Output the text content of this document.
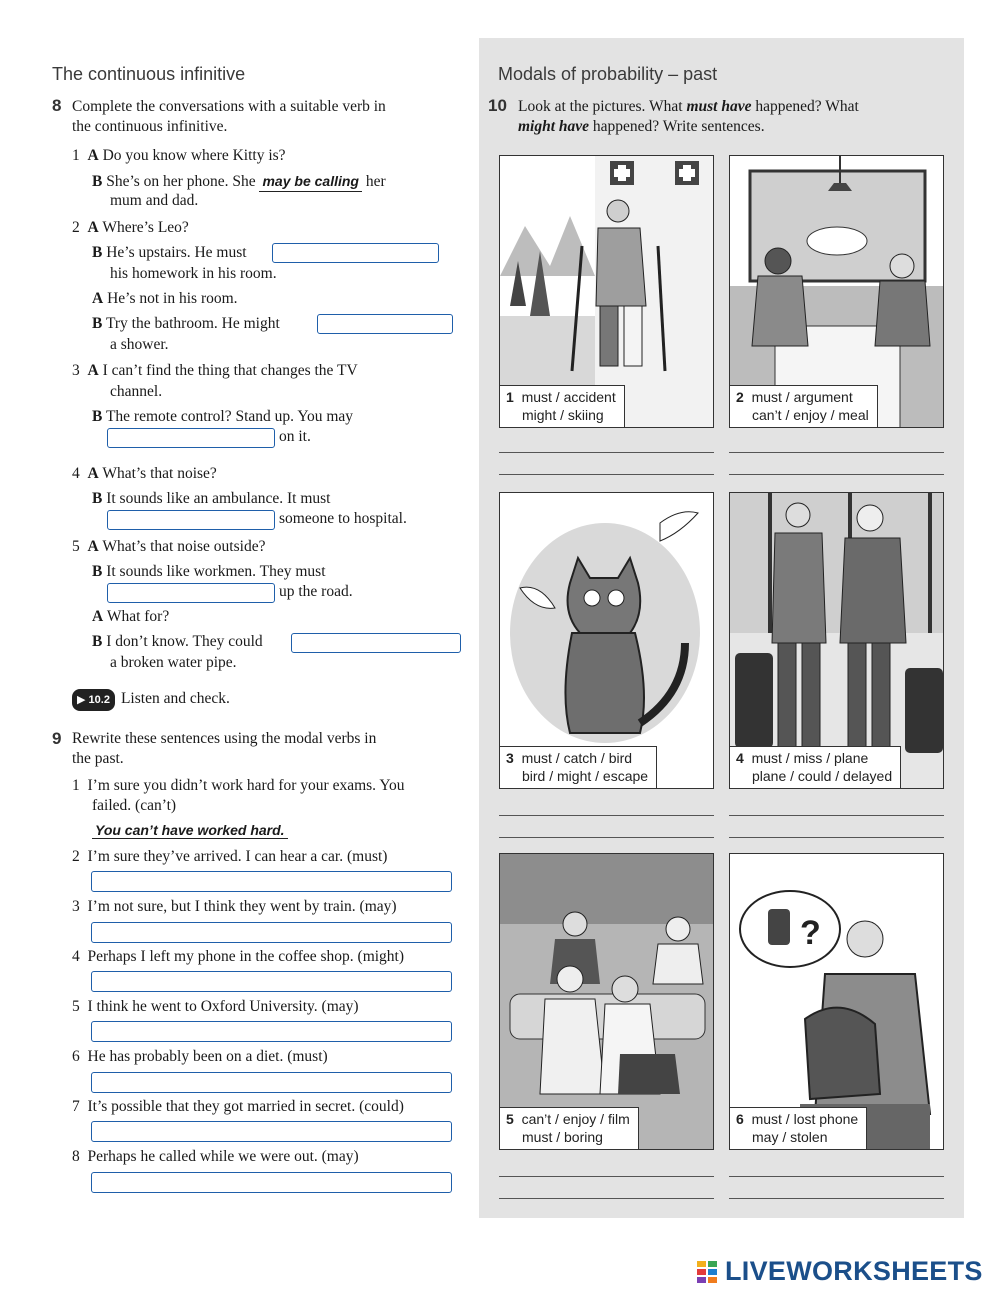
The continuous infinitive
8 Complete the conversations with a suitable verb in
the continuous infinitive.
1 A Do you know where Kitty is?
B She’s on her phone. She may be calling her
mum and dad.
2 A Where’s Leo?
B He’s upstairs. He must
his homework in his room.
A He’s not in his room.
B Try the bathroom. He might
a shower.
3 A I can’t find the thing that changes the TV
channel.
B The remote control? Stand up. You may
on it.
4 A What’s that noise?
B It sounds like an ambulance. It must
someone to hospital.
5 A What’s that noise outside?
B It sounds like workmen. They must
up the road.
A What for?
B I don’t know. They could
a broken water pipe.
▶ 10.2 Listen and check.
9 Rewrite these sentences using the modal verbs in
the past.
1 I’m sure you didn’t work hard for your exams. You
failed. (can’t)
You can’t have worked hard.
2 I’m sure they’ve arrived. I can hear a car. (must)
3 I’m not sure, but I think they went by train. (may)
4 Perhaps I left my phone in the coffee shop. (might)
5 I think he went to Oxford University. (may)
6 He has probably been on a diet. (must)
7 It’s possible that they got married in secret. (could)
8 Perhaps he called while we were out. (may)
Modals of probability – past
10 Look at the pictures. What must have happened? What
might have happened? Write sentences.
1 must / accident
might / skiing
2 must / argument
can’t / enjoy / meal
3 must / catch / bird
bird / might / escape
4 must / miss / plane
plane / could / delayed
5 can’t / enjoy / film
must / boring
?
6 must / lost phone
may / stolen
LIVEWORKSHEETS
